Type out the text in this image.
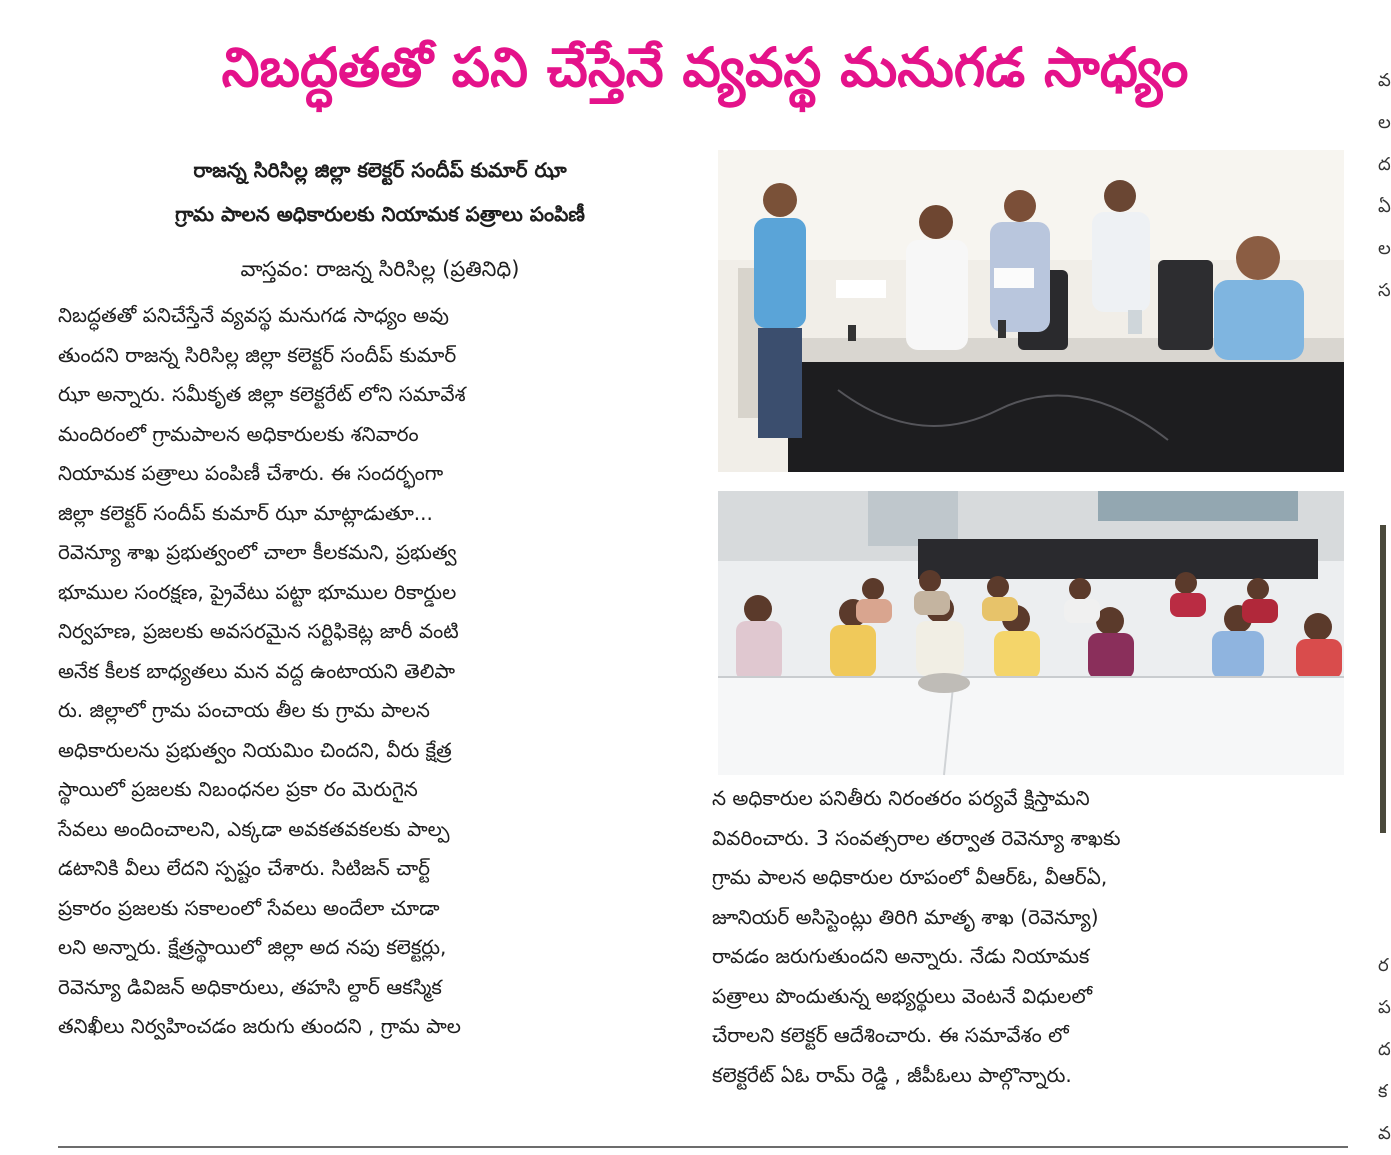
నిబద్ధతతో పని చేస్తేనే వ్యవస్థ మనుగడ సాధ్యం

రాజన్న సిరిసిల్ల జిల్లా కలెక్టర్ సందీప్ కుమార్ ఝా

గ్రామ పాలన అధికారులకు నియామక పత్రాలు పంపిణీ

వాస్తవం: రాజన్న సిరిసిల్ల (ప్రతినిధి)

నిబద్ధతతో పనిచేస్తేనే వ్యవస్థ మనుగడ సాధ్యం అవు

తుందని రాజన్న సిరిసిల్ల జిల్లా కలెక్టర్ సందీప్ కుమార్

ఝా అన్నారు. సమీకృత జిల్లా కలెక్టరేట్ లోని సమావేశ

మందిరంలో గ్రామపాలన అధికారులకు శనివారం

నియామక పత్రాలు పంపిణీ చేశారు. ఈ సందర్భంగా

జిల్లా కలెక్టర్ సందీప్ కుమార్ ఝా మాట్లాడుతూ...

రెవెన్యూ శాఖ ప్రభుత్వంలో చాలా కీలకమని, ప్రభుత్వ

భూముల సంరక్షణ, ప్రైవేటు పట్టా భూముల రికార్డుల

నిర్వహణ, ప్రజలకు అవసరమైన సర్టిఫికెట్ల జారీ వంటి

అనేక కీలక బాధ్యతలు మన వద్ద ఉంటాయని తెలిపా

రు. జిల్లాలో గ్రామ పంచాయ తీల కు గ్రామ పాలన

అధికారులను ప్రభుత్వం నియమిం చిందని, వీరు క్షేత్ర

స్థాయిలో ప్రజలకు నిబంధనల ప్రకా రం మెరుగైన

సేవలు అందించాలని, ఎక్కడా అవకతవకలకు పాల్ప

డటానికి వీలు లేదని స్పష్టం చేశారు. సిటిజన్ చార్ట్

ప్రకారం ప్రజలకు సకాలంలో సేవలు అందేలా చూడా

లని అన్నారు. క్షేత్రస్థాయిలో జిల్లా అద నపు కలెక్టర్లు,

రెవెన్యూ డివిజన్ అధికారులు, తహసి ల్దార్ ఆకస్మిక

తనిఖీలు నిర్వహించడం జరుగు తుందని , గ్రామ పాల

న అధికారుల పనితీరు నిరంతరం పర్యవే క్షిస్తామని

వివరించారు. 3 సంవత్సరాల తర్వాత రెవెన్యూ శాఖకు

గ్రామ పాలన అధికారుల రూపంలో వీఆర్ఓ, వీఆర్ఏ,

జూనియర్ అసిస్టెంట్లు తిరిగి మాతృ శాఖ (రెవెన్యూ)

రావడం జరుగుతుందని అన్నారు. నేడు నియామక

పత్రాలు పొందుతున్న అభ్యర్థులు వెంటనే విధులలో

చేరాలని కలెక్టర్ ఆదేశించారు. ఈ సమావేశం లో

కలెక్టరేట్ ఏఓ రామ్ రెడ్డి , జీపీఓలు పాల్గొన్నారు.

వ
ల
ద
ఏ
ల
స
ర
ప
ద
క
వ
